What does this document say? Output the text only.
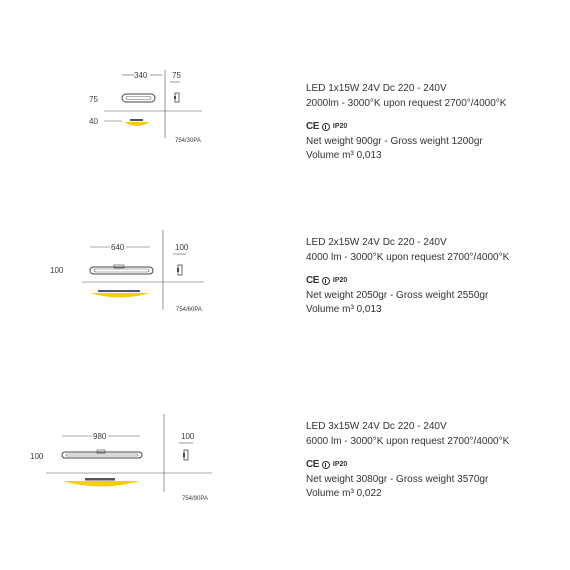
340	75
75
40
754/30PA
LED 1x15W 24V Dc 220 - 240V
2000lm - 3000°K upon request 2700°/4000°K
CE IP20
Net weight 900gr - Gross weight 1200gr
Volume m³ 0,013
640	100
100
754/60PA
LED 2x15W 24V Dc 220 - 240V
4000 lm - 3000°K upon request 2700°/4000°K
CE IP20
Net weight 2050gr - Gross weight 2550gr
Volume m³ 0,013
980	100
100
754/90PA
LED 3x15W 24V Dc 220 - 240V
6000 lm - 3000°K upon request 2700°/4000°K
CE IP20
Net weight 3080gr - Gross weight 3570gr
Volume m³ 0,022
